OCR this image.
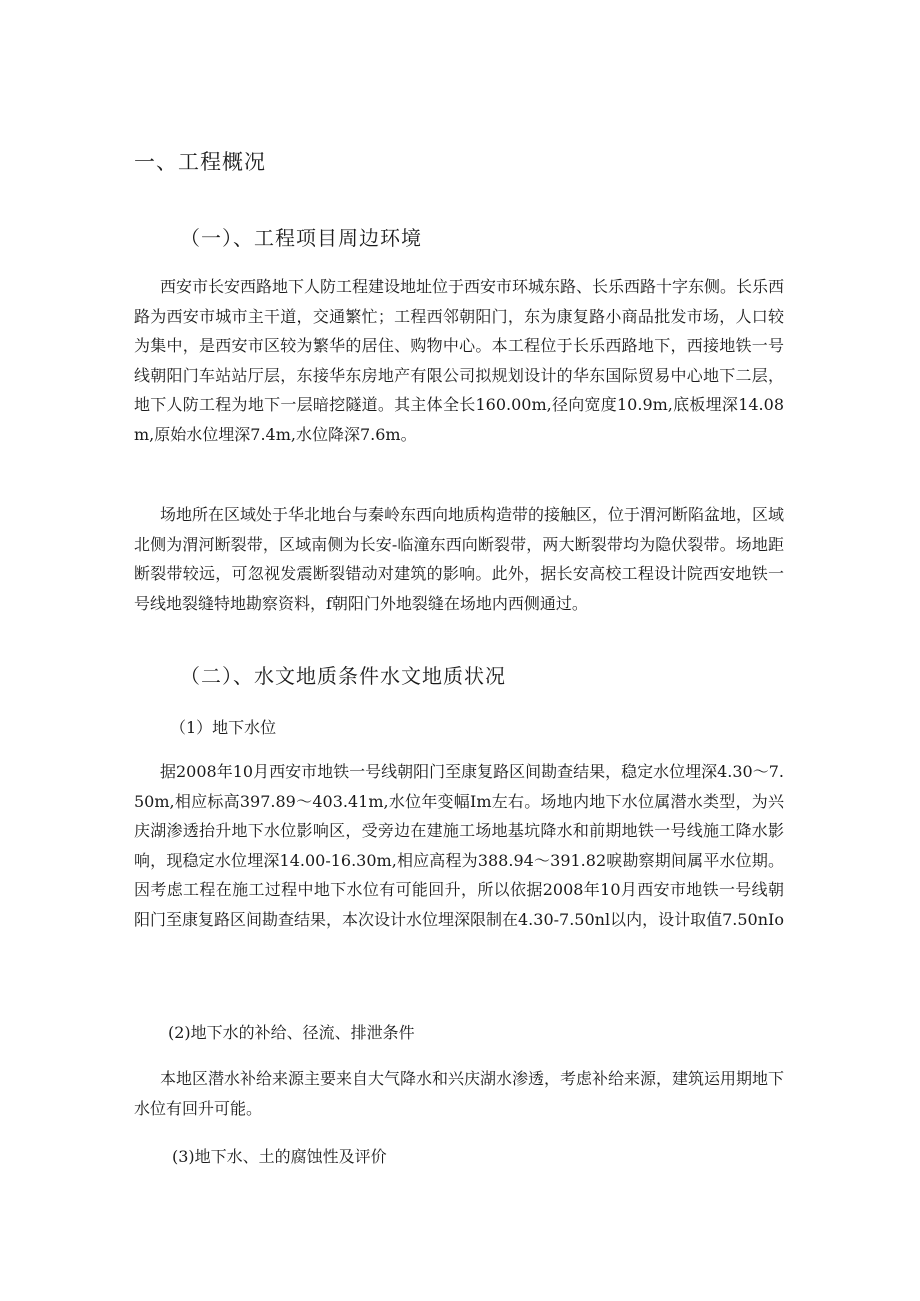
一、工程概况
（一）、工程项目周边环境
西安市长安西路地下人防工程建设地址位于西安市环城东路、长乐西路十字东侧。长乐西路为西安市城市主干道，交通繁忙；工程西邻朝阳门，东为康复路小商品批发市场，人口较为集中，是西安市区较为繁华的居住、购物中心。本工程位于长乐西路地下，西接地铁一号线朝阳门车站站厅层，东接华东房地产有限公司拟规划设计的华东国际贸易中心地下二层，地下人防工程为地下一层暗挖隧道。其主体全长160.00m,径向宽度10.9m,底板埋深14.08m,原始水位埋深7.4m,水位降深7.6m。
场地所在区域处于华北地台与秦岭东西向地质构造带的接触区，位于渭河断陷盆地，区域北侧为渭河断裂带，区域南侧为长安-临潼东西向断裂带，两大断裂带均为隐伏裂带。场地距断裂带较远，可忽视发震断裂错动对建筑的影响。此外，据长安高校工程设计院西安地铁一号线地裂缝特地勘察资料，f朝阳门外地裂缝在场地内西侧通过。
（二）、水文地质条件水文地质状况
（1）地下水位
据2008年10月西安市地铁一号线朝阳门至康复路区间勘查结果，稳定水位埋深4.30～7.50m,相应标高397.89～403.41m,水位年变幅Im左右。场地内地下水位属潜水类型，为兴庆湖渗透抬升地下水位影响区，受旁边在建施工场地基坑降水和前期地铁一号线施工降水影响，现稳定水位埋深14.00-16.30m,相应高程为388.94～391.82唳勘察期间属平水位期。因考虑工程在施工过程中地下水位有可能回升，所以依据2008年10月西安市地铁一号线朝阳门至康复路区间勘查结果，本次设计水位埋深限制在4.30-7.50nl以内，设计取值7.50nIo
(2)地下水的补给、径流、排泄条件
本地区潜水补给来源主要来自大气降水和兴庆湖水渗透，考虑补给来源，建筑运用期地下水位有回升可能。
(3)地下水、土的腐蚀性及评价
